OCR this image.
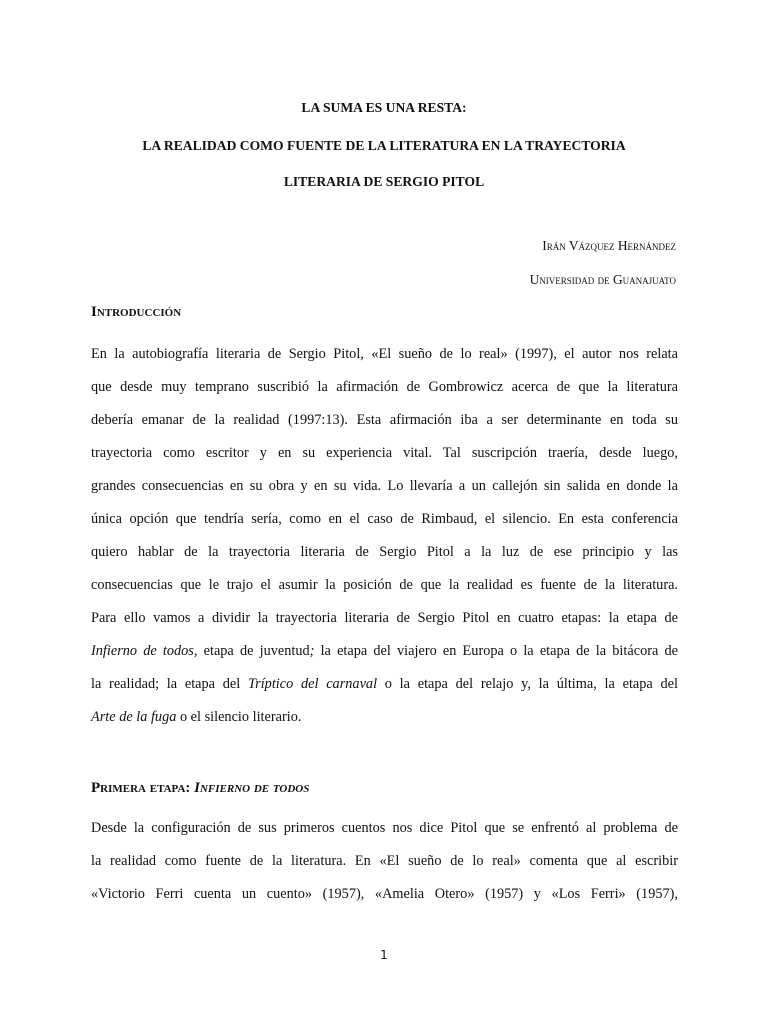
LA SUMA ES UNA RESTA:
LA REALIDAD COMO FUENTE DE LA LITERATURA EN LA TRAYECTORIA
LITERARIA DE SERGIO PITOL
Irán Vázquez Hernández
Universidad de Guanajuato
Introducción
En la autobiografía literaria de Sergio Pitol, «El sueño de lo real» (1997), el autor nos relata
que desde muy temprano suscribió la afirmación de Gombrowicz acerca de que la literatura
debería emanar de la realidad (1997:13). Esta afirmación iba a ser determinante en toda su
trayectoria como escritor y en su experiencia vital. Tal suscripción traería, desde luego,
grandes consecuencias en su obra y en su vida. Lo llevaría a un callejón sin salida en donde la
única opción que tendría sería, como en el caso de Rimbaud, el silencio. En esta conferencia
quiero hablar de la trayectoria literaria de Sergio Pitol a la luz de ese principio y las
consecuencias que le trajo el asumir la posición de que la realidad es fuente de la literatura.
Para ello vamos a dividir la trayectoria literaria de Sergio Pitol en cuatro etapas: la etapa de
Infierno de todos, etapa de juventud; la etapa del viajero en Europa o la etapa de la bitácora de
la realidad; la etapa del Tríptico del carnaval o la etapa del relajo y, la última, la etapa del
Arte de la fuga o el silencio literario.
Primera etapa: Infierno de todos
Desde la configuración de sus primeros cuentos nos dice Pitol que se enfrentó al problema de
la realidad como fuente de la literatura. En «El sueño de lo real» comenta que al escribir
«Victorio Ferri cuenta un cuento» (1957), «Amelia Otero» (1957) y «Los Ferri» (1957),
1
